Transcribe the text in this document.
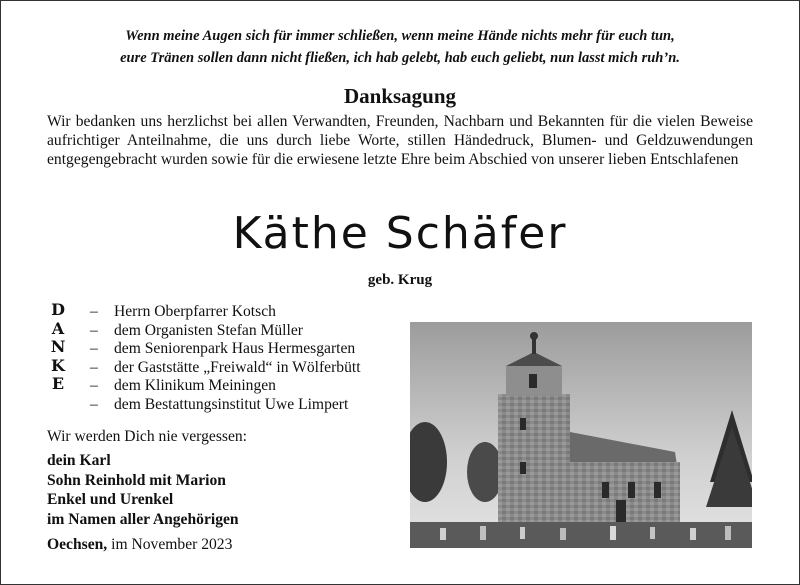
Wenn meine Augen sich für immer schließen, wenn meine Hände nichts mehr für euch tun,
eure Tränen sollen dann nicht fließen, ich hab gelebt, hab euch geliebt, nun lasst mich ruh’n.
Danksagung
Wir bedanken uns herzlichst bei allen Verwandten, Freunden, Nachbarn und Bekannten für die vielen Beweise aufrichtiger Anteilnahme, die uns durch liebe Worte, stillen Händedruck, Blumen- und Geldzuwendungen entgegengebracht wurden sowie für die erwiesene letzte Ehre beim Abschied von unserer lieben Entschlafenen
Käthe Schäfer
geb. Krug
D
A
N
K
E
– Herrn Oberpfarrer Kotsch
– dem Organisten Stefan Müller
– dem Seniorenpark Haus Hermesgarten
– der Gaststätte „Freiwald“ in Wölferbütt
– dem Klinikum Meiningen
– dem Bestattungsinstitut Uwe Limpert
Wir werden Dich nie vergessen:
dein Karl
Sohn Reinhold mit Marion
Enkel und Urenkel
im Namen aller Angehörigen
Oechsen, im November 2023
